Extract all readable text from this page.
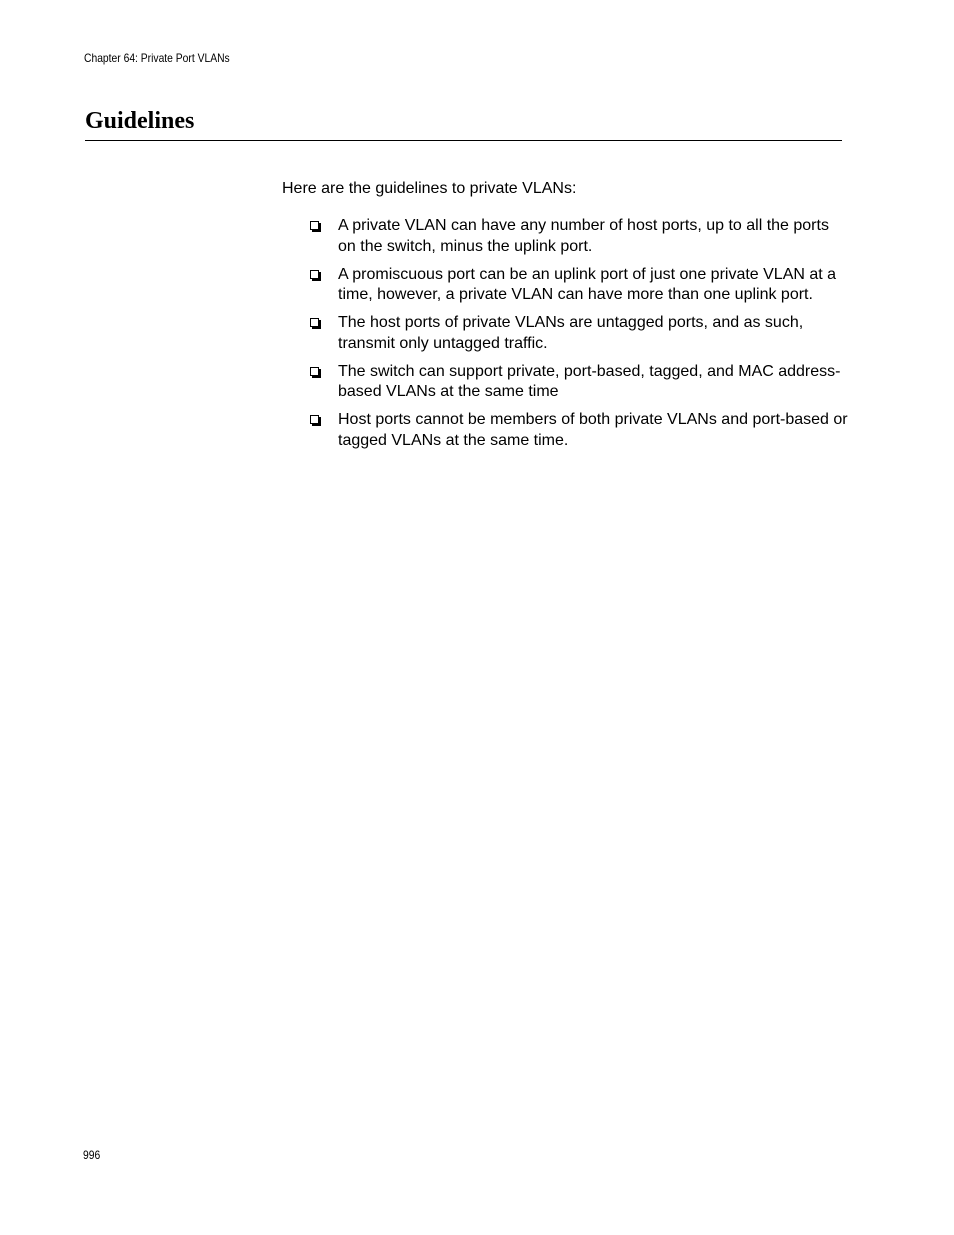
Chapter 64: Private Port VLANs
Guidelines
Here are the guidelines to private VLANs:
A private VLAN can have any number of host ports, up to all the ports on the switch, minus the uplink port.
A promiscuous port can be an uplink port of just one private VLAN at a time, however, a private VLAN can have more than one uplink port.
The host ports of private VLANs are untagged ports, and as such, transmit only untagged traffic.
The switch can support private, port-based, tagged, and MAC address-based VLANs at the same time
Host ports cannot be members of both private VLANs and port-based or tagged VLANs at the same time.
996
